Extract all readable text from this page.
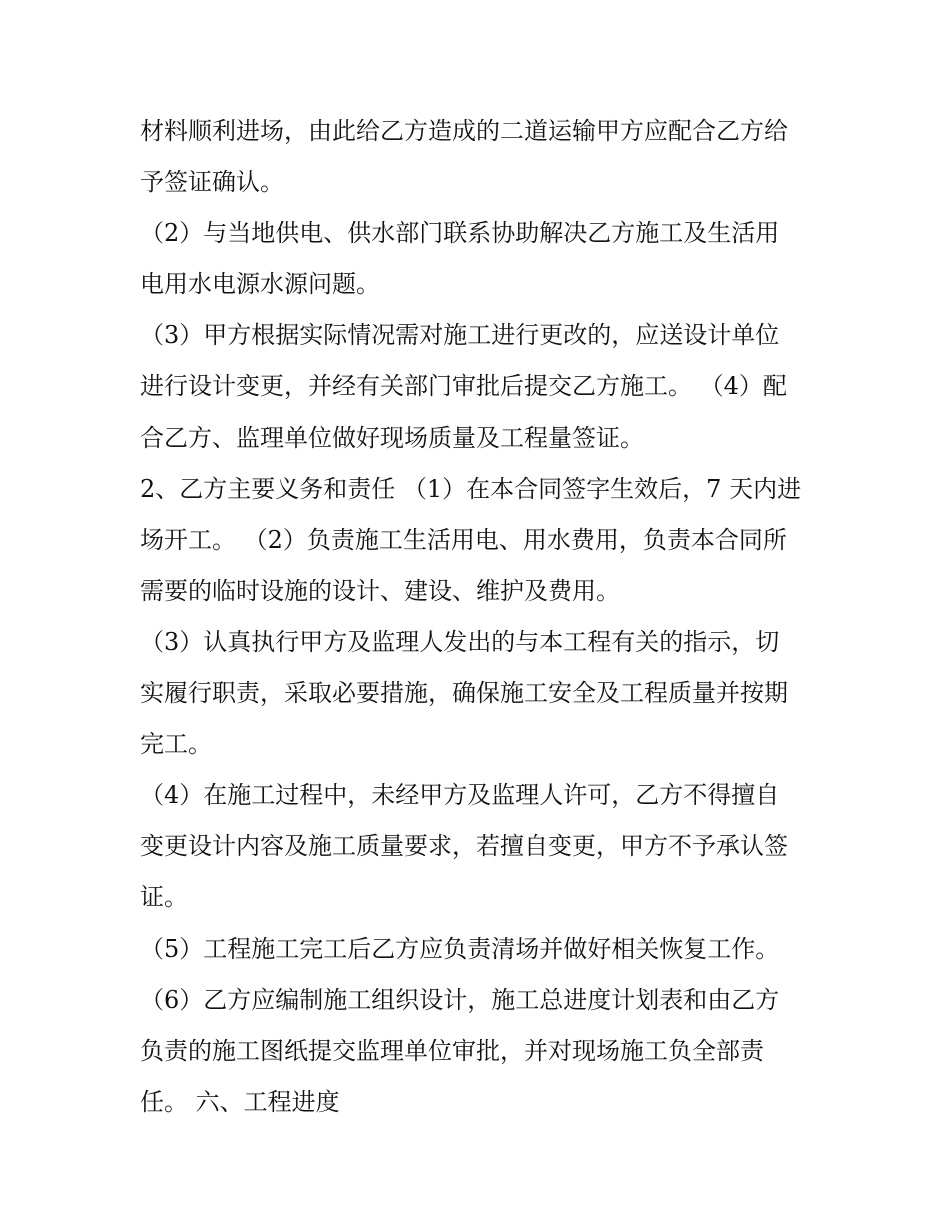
材料顺利进场，由此给乙方造成的二道运输甲方应配合乙方给
予签证确认。
（2）与当地供电、供水部门联系协助解决乙方施工及生活用
电用水电源水源问题。
（3）甲方根据实际情况需对施工进行更改的，应送设计单位
进行设计变更，并经有关部门审批后提交乙方施工。 （4）配
合乙方、监理单位做好现场质量及工程量签证。
2、乙方主要义务和责任 （1）在本合同签字生效后，7 天内进
场开工。 （2）负责施工生活用电、用水费用，负责本合同所
需要的临时设施的设计、建设、维护及费用。
（3）认真执行甲方及监理人发出的与本工程有关的指示，切
实履行职责，采取必要措施，确保施工安全及工程质量并按期
完工。
（4）在施工过程中，未经甲方及监理人许可，乙方不得擅自
变更设计内容及施工质量要求，若擅自变更，甲方不予承认签
证。
（5）工程施工完工后乙方应负责清场并做好相关恢复工作。
（6）乙方应编制施工组织设计，施工总进度计划表和由乙方
负责的施工图纸提交监理单位审批，并对现场施工负全部责
任。 六、工程进度
